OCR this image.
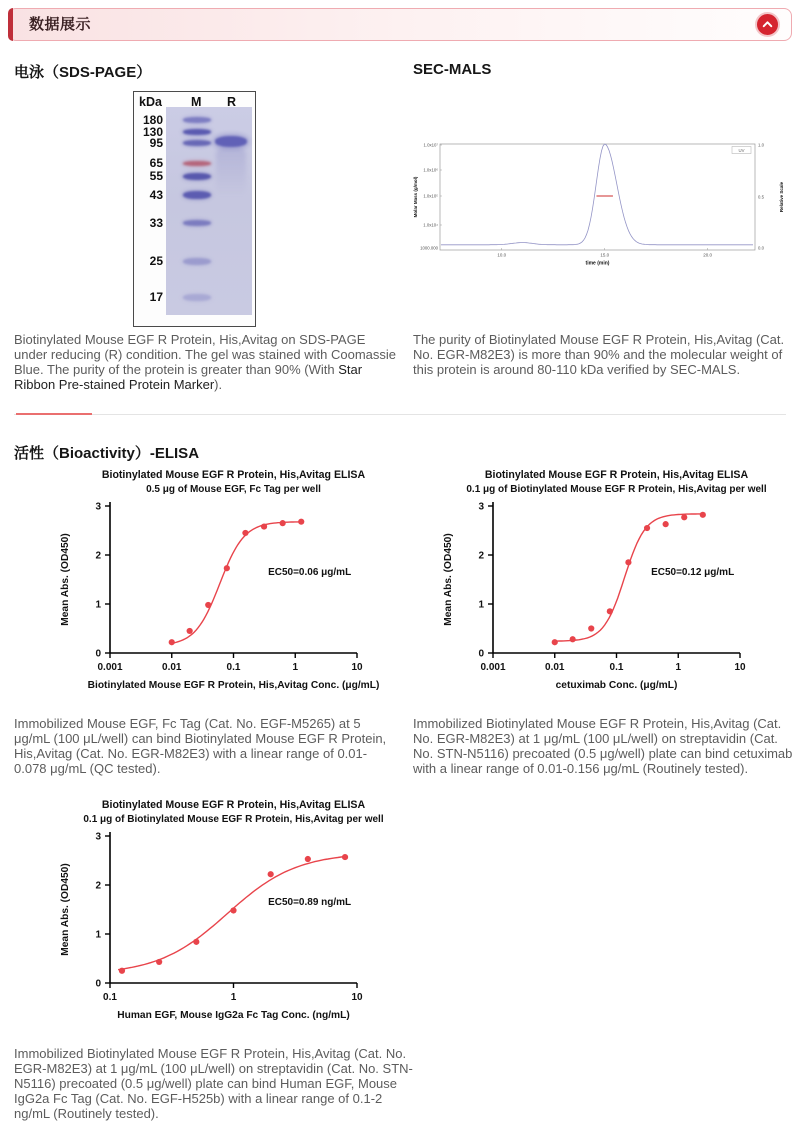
数据展示
电泳（SDS-PAGE）
kDa M R
180
130
95
65
55
43
33
25
17
Biotinylated Mouse EGF R Protein, His,Avitag on SDS-PAGE under reducing (R) condition. The gel was stained with Coomassie Blue. The purity of the protein is greater than 90% (With Star Ribbon Pre-stained Protein Marker).
SEC-MALS
1.0x10⁷
1.0x10⁶
1.0x10⁵
1.0x10⁴
1000.000
1.0
0.5
0.0
10.0	15.0	20.0
time (min)
Molar Mass (g/mol)	Relative Scale
UV
The purity of Biotinylated Mouse EGF R Protein, His,Avitag (Cat. No. EGR-M82E3) is more than 90% and the molecular weight of this protein is around 80-110 kDa verified by SEC-MALS.
活性（Bioactivity）-ELISA
Biotinylated Mouse EGF R Protein, His,Avitag ELISA
0.5 μg of Mouse EGF, Fc Tag per well
0
1
2
3
0.001	0.01	0.1	1	10
Biotinylated Mouse EGF R Protein, His,Avitag Conc. (μg/mL)
Mean Abs. (OD450)	EC50=0.06 μg/mL
Biotinylated Mouse EGF R Protein, His,Avitag ELISA
0.1 μg of Biotinylated Mouse EGF R Protein, His,Avitag per well
0
1
2
3
0.001	0.01	0.1	1	10
cetuximab Conc. (μg/mL)
Mean Abs. (OD450)	EC50=0.12 μg/mL
Biotinylated Mouse EGF R Protein, His,Avitag ELISA
0.1 μg of Biotinylated Mouse EGF R Protein, His,Avitag per well
0
1
2
3
0.1	1	10
Human EGF, Mouse IgG2a Fc Tag Conc. (ng/mL)
Mean Abs. (OD450)	EC50=0.89 ng/mL
Immobilized Mouse EGF, Fc Tag (Cat. No. EGF-M5265) at 5 μg/mL (100 μL/well) can bind Biotinylated Mouse EGF R Protein, His,Avitag (Cat. No. EGR-M82E3) with a linear range of 0.01-0.078 μg/mL (QC tested).
Immobilized Biotinylated Mouse EGF R Protein, His,Avitag (Cat. No. EGR-M82E3) at 1 μg/mL (100 μL/well) on streptavidin (Cat. No. STN-N5116) precoated (0.5 μg/well) plate can bind cetuximab with a linear range of 0.01-0.156 μg/mL (Routinely tested).
Immobilized Biotinylated Mouse EGF R Protein, His,Avitag (Cat. No. EGR-M82E3) at 1 μg/mL (100 μL/well) on streptavidin (Cat. No. STN-N5116) precoated (0.5 μg/well) plate can bind Human EGF, Mouse IgG2a Fc Tag (Cat. No. EGF-H525b) with a linear range of 0.1-2 ng/mL (Routinely tested).
